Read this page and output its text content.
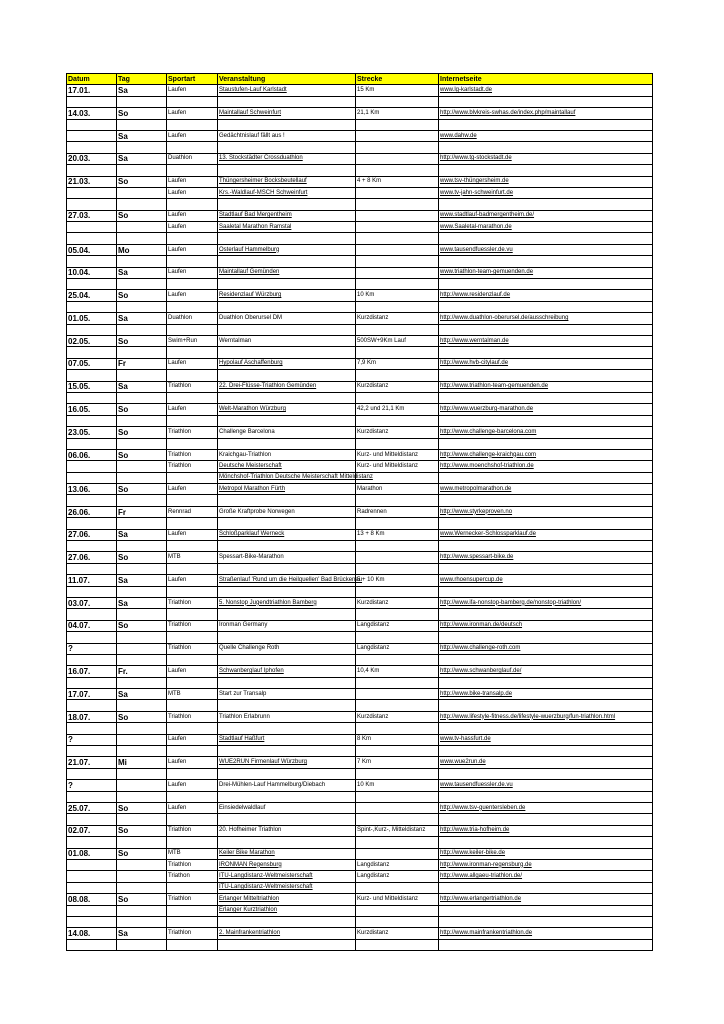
Datum	Tag	Sportart	Veranstaltung	Strecke	Internetseite
17.01.	Sa	Laufen	Staustufen-Lauf Karlstadt	15 Km	www.lg-karlstadt.de

14.03.	So	Laufen	Maintallauf Schweinfurt	21,1 Km	http://www.blvkreis-swhas.de/index.php/maintallauf

	Sa	Laufen	Gedächtnislauf fällt aus !		www.dahw.de

20.03.	Sa	Duathlon	13. Stockstädter Crossduathlon		http://www.tg-stockstadt.de

21.03.	So	Laufen	Thüngersheimer Bocksbeutellauf	4 + 8 Km	www.tsv-thüngersheim.de
		Laufen	Krs.-Waldlauf-MSCH Schweinfurt		www.tv-jahn-schweinfurt.de

27.03.	So	Laufen	Stadtlauf Bad Mergentheim		www.stadtlauf-badmergentheim.de/
		Laufen	Saaletal Marathon Ramstal		www.Saaletal-marathon.de

05.04.	Mo	Laufen	Osterlauf Hammelburg		www.tausendfuessler.de.vu

10.04.	Sa	Laufen	Maintallauf Gemünden		www.triathlon-team-gemuenden.de

25.04.	So	Laufen	Residenzlauf Würzburg	10 Km	http://www.residenzlauf.de

01.05.	Sa	Duathlon	Duathlon Oberursel DM	Kurzdistanz	http://www.duathlon-oberursel.de/ausschreibung

02.05.	So	Swim+Run	Werntalman	500SW+9Km Lauf	http://www.werntalman.de

07.05.	Fr	Laufen	Hypolauf Aschaffenburg	7,9 Km	http://www.hvb-citylauf.de

15.05.	Sa	Triathlon	22. Drei-Flüsse-Triathlon Gemünden	Kurzdistanz	http://www.triathlon-team-gemuenden.de

16.05.	So	Laufen	Welt-Marathon Würzburg	42,2 und 21,1 Km	http://www.wuerzburg-marathon.de

23.05.	So	Triathlon	Challenge Barcelona	Kurzdistanz	http://www.challenge-barcelona.com

06.06.	So	Triathlon	Kraichgau-Triathlon	Kurz- und Mitteldistanz	http://www.challenge-kraichgau.com
		Triathlon	Deutsche Meisterschaft	Kurz- und Mitteldistanz	http://www.moenchshof-triathlon.de
			Mönchshof-Triathlon Deutsche Meisterschaft Mitteldistanz		
13.06.	So	Laufen	Metropol Marathon Fürth	Marathon	www.metropolmarathon.de

26.06.	Fr	Rennrad	Große Kraftprobe Norwegen	Radrennen	http://www.styrkeproven.no

27.06.	Sa	Laufen	Schloßparklauf Werneck	13 + 8 Km	www.Wernecker-Schlossparklauf.de

27.06.	So	MTB	Spessart-Bike-Marathon		http://www.spessart-bike.de

11.07.	Sa	Laufen	Straßenlauf 'Rund um die Heilquellen' Bad Brückenau	5 + 10 Km	www.rhoensupercup.de

03.07.	Sa	Triathlon	5. Nonstop Jugendtriathlon Bamberg	Kurzdistanz	http://www.ifa-nonstop-bamberg.de/nonstop-triathlon/

04.07.	So	Triathlon	Ironman Germany	Langdistanz	http://www.ironman.de/deutsch

?		Triathlon	Quelle Challenge Roth	Langdistanz	http://www.challenge-roth.com

16.07.	Fr.	Laufen	Schwanberglauf Iphofen	10,4 Km	http://www.schwanberglauf.de/

17.07.	Sa	MTB	Start zur Transalp		http://www.bike-transalp.de

18.07.	So	Triathlon	Triathlon Erlabrunn	Kurzdistanz	http://www.lifestyle-fitness.de/lifestyle-wuerzburg/fun-triathlon.html

?		Laufen	Stadtlauf Haßfurt	8 Km	www.tv-hassfurt.de

21.07.	Mi	Laufen	WUE2RUN Firmenlauf Würzburg	7 Km	www.wue2run.de

?		Laufen	Drei-Mühlen-Lauf Hammelburg/Diebach	10 Km	www.tausendfuessler.de.vu

25.07.	So	Laufen	Einsiedelwaldlauf		http://www.tsv-guentersleben.de

02.07.	So	Triathlon	20. Hofheimer Triathlon	Spint-,Kurz-, Mitteldistanz	http://www.tria-hofheim.de

01.08.	So	MTB	Keiler Bike Marathon		http://www.keiler-bike.de
		Triathlon	IRONMAN Regensburg	Langdistanz	http://www.ironman-regensburg.de
		Triathon	ITU-Langdistanz-Weltmeisterschaft	Langdistanz	http://www.allgaeu-triathlon.de/
			ITU-Langdistanz-Weltmeisterschaft		
08.08.	So	Triathlon	Erlanger Mitteltriathlon	Kurz- und Mitteldistanz	http://www.erlangertriathlon.de
			Erlanger Kurztriathlon		

14.08.	Sa	Triathlon	2. Mainfrankentriathlon	Kurzdistanz	http://www.mainfrankentriathlon.de
